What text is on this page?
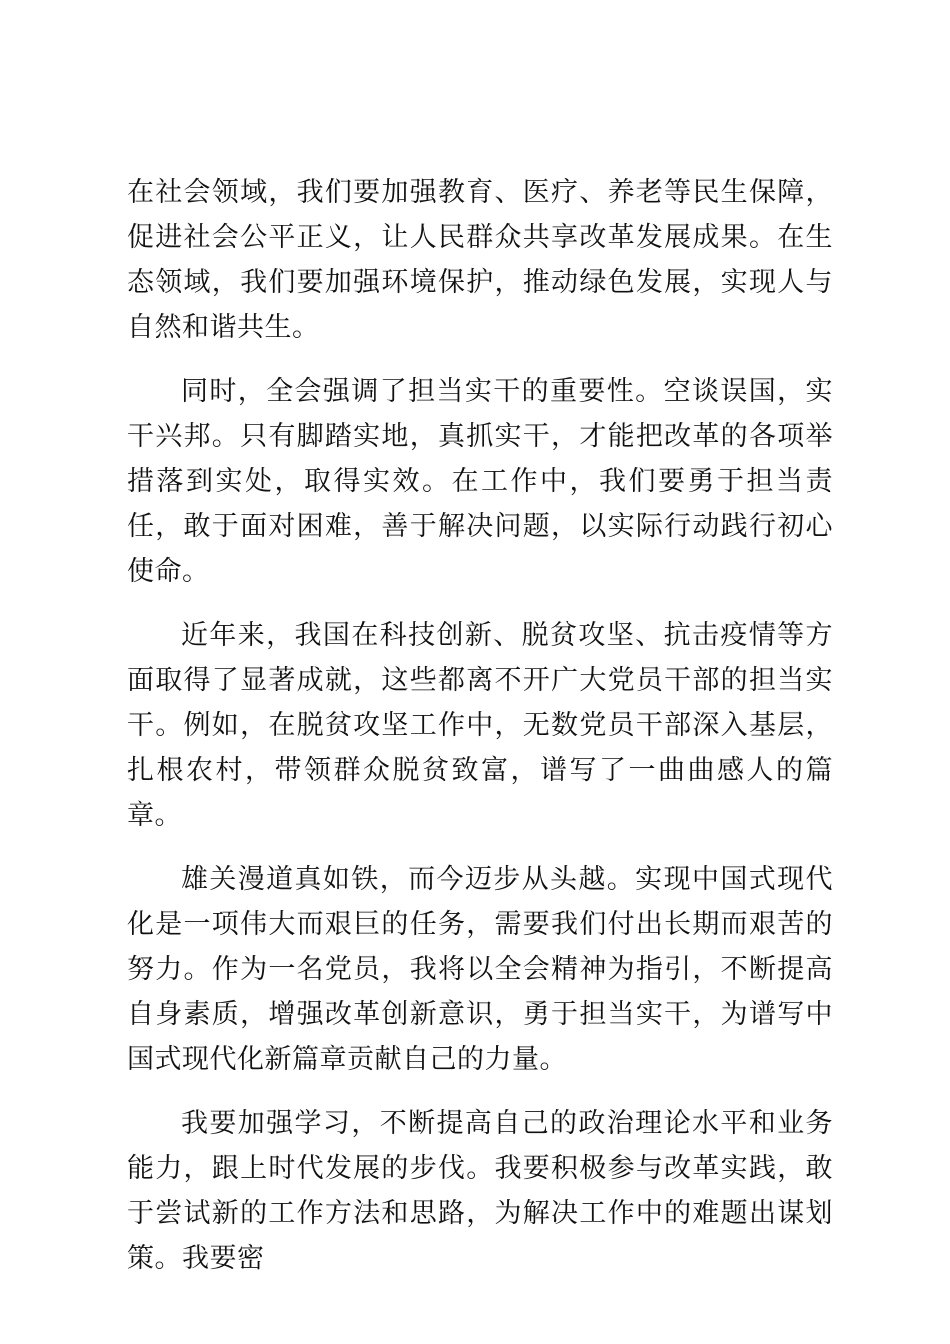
在社会领域，我们要加强教育、医疗、养老等民生保障，促进社会公平正义，让人民群众共享改革发展成果。在生态领域，我们要加强环境保护，推动绿色发展，实现人与自然和谐共生。

同时，全会强调了担当实干的重要性。空谈误国，实干兴邦。只有脚踏实地，真抓实干，才能把改革的各项举措落到实处，取得实效。在工作中，我们要勇于担当责任，敢于面对困难，善于解决问题，以实际行动践行初心使命。

近年来，我国在科技创新、脱贫攻坚、抗击疫情等方面取得了显著成就，这些都离不开广大党员干部的担当实干。例如，在脱贫攻坚工作中，无数党员干部深入基层，扎根农村，带领群众脱贫致富，谱写了一曲曲感人的篇章。

雄关漫道真如铁，而今迈步从头越。实现中国式现代化是一项伟大而艰巨的任务，需要我们付出长期而艰苦的努力。作为一名党员，我将以全会精神为指引，不断提高自身素质，增强改革创新意识，勇于担当实干，为谱写中国式现代化新篇章贡献自己的力量。

我要加强学习，不断提高自己的政治理论水平和业务能力，跟上时代发展的步伐。我要积极参与改革实践，敢于尝试新的工作方法和思路，为解决工作中的难题出谋划策。我要密
